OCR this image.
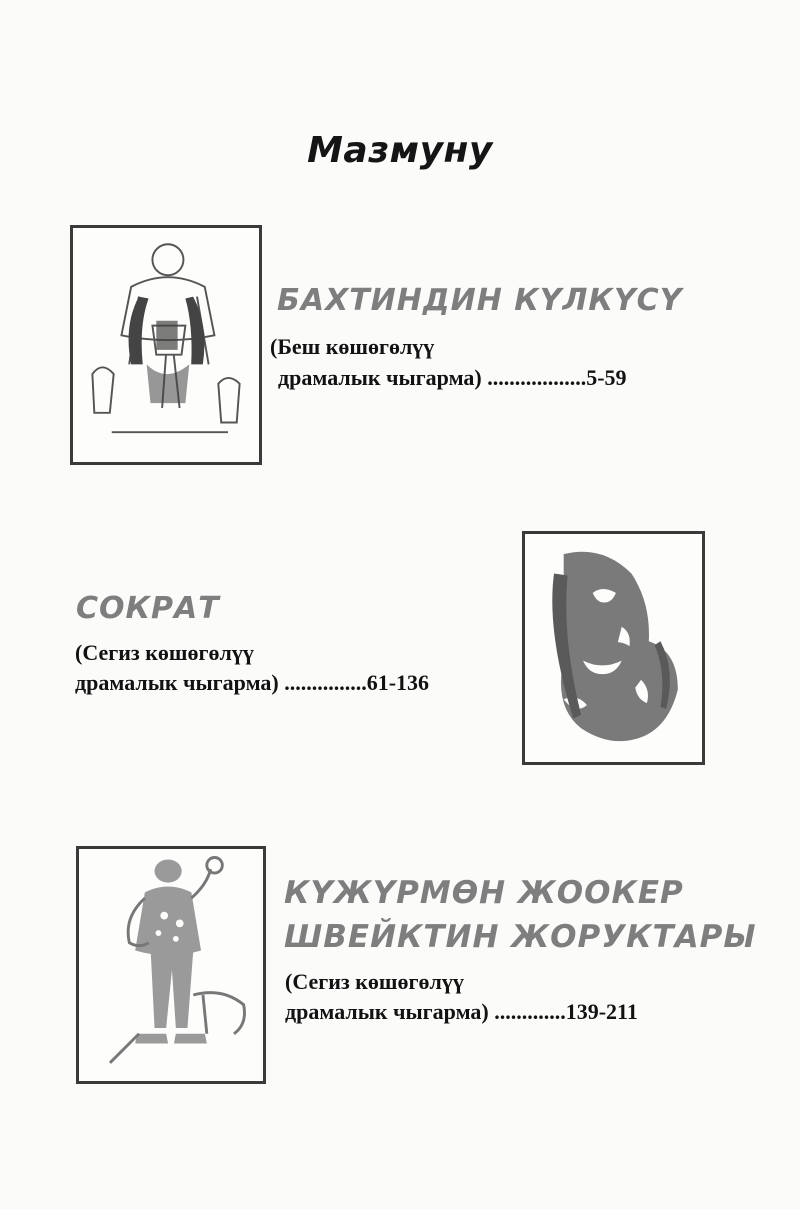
Мазмуну
БАХТИНДИН КҮЛКҮСҮ
(Беш көшөгөлүү
драмалык чыгарма) ..................5-59
СОКРАТ
(Сегиз көшөгөлүү
драмалык чыгарма) ...............61-136
КҮЖҮРМӨН ЖООКЕР
ШВЕЙКТИН ЖОРУКТАРЫ
(Сегиз көшөгөлүү
драмалык чыгарма) .............139-211
